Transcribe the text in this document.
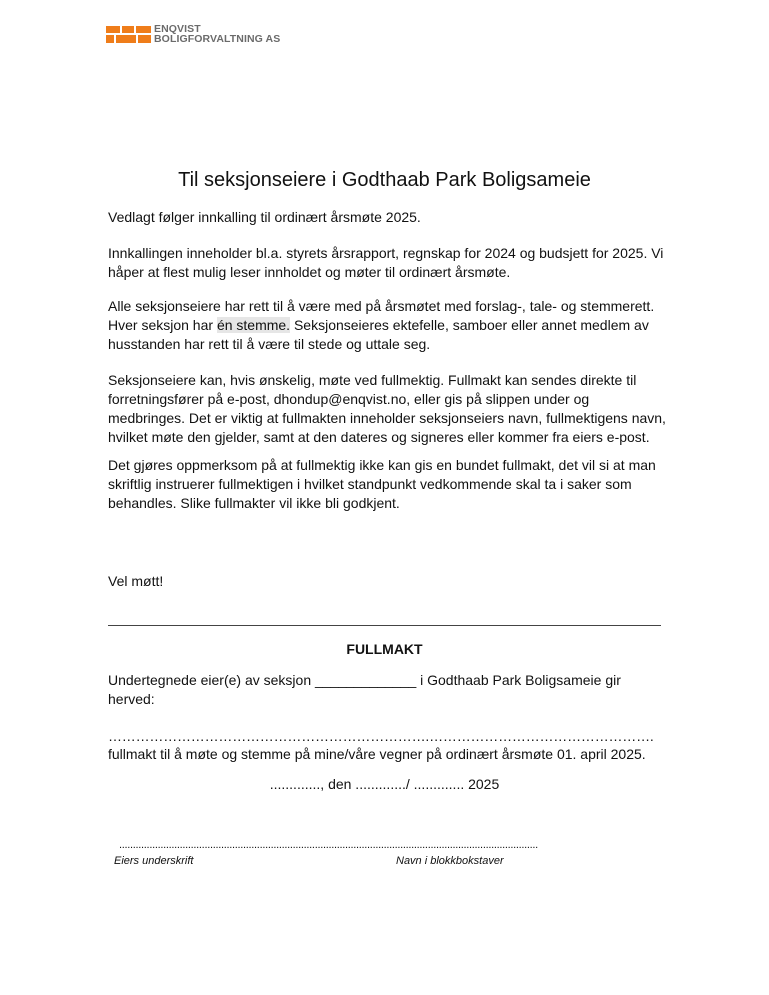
ENQVIST
BOLIGFORVALTNING AS
Til seksjonseiere i Godthaab Park Boligsameie
Vedlagt følger innkalling til ordinært årsmøte 2025.
Innkallingen inneholder bl.a. styrets årsrapport, regnskap for 2024 og budsjett for 2025. Vi håper at flest mulig leser innholdet og møter til ordinært årsmøte.
Alle seksjonseiere har rett til å være med på årsmøtet med forslag-, tale- og stemmerett. Hver seksjon har én stemme. Seksjonseieres ektefelle, samboer eller annet medlem av husstanden har rett til å være til stede og uttale seg.
Seksjonseiere kan, hvis ønskelig, møte ved fullmektig. Fullmakt kan sendes direkte til forretningsfører på e-post, dhondup@enqvist.no, eller gis på slippen under og medbringes. Det er viktig at fullmakten inneholder seksjonseiers navn, fullmektigens navn, hvilket møte den gjelder, samt at den dateres og signeres eller kommer fra eiers e-post.
Det gjøres oppmerksom på at fullmektig ikke kan gis en bundet fullmakt, det vil si at man skriftlig instruerer fullmektigen i hvilket standpunkt vedkommende skal ta i saker som behandles. Slike fullmakter vil ikke bli godkjent.
Vel møtt!
FULLMAKT
Undertegnede eier(e) av seksjon _____________ i Godthaab Park Boligsameie gir herved:
…………………………………………………………….………………………………………….
fullmakt til å møte og stemme på mine/våre vegner på ordinært årsmøte 01. april 2025.
............., den ............./ ............. 2025
........................................................................................................................................................
Eiers underskrift	Navn i blokkbokstaver
